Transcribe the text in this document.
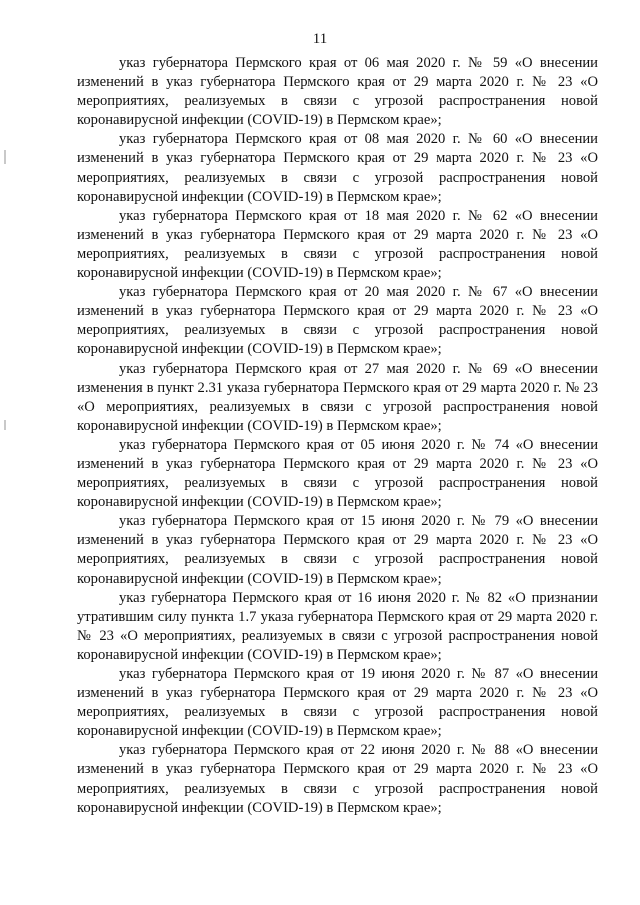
11

указ губернатора Пермского края от 06 мая 2020 г. № 59 «О внесении изменений в указ губернатора Пермского края от 29 марта 2020 г. № 23 «О мероприятиях, реализуемых в связи с угрозой распространения новой коронавирусной инфекции (COVID-19) в Пермском крае»;

указ губернатора Пермского края от 08 мая 2020 г. № 60 «О внесении изменений в указ губернатора Пермского края от 29 марта 2020 г. № 23 «О мероприятиях, реализуемых в связи с угрозой распространения новой коронавирусной инфекции (COVID-19) в Пермском крае»;

указ губернатора Пермского края от 18 мая 2020 г. № 62 «О внесении изменений в указ губернатора Пермского края от 29 марта 2020 г. № 23 «О мероприятиях, реализуемых в связи с угрозой распространения новой коронавирусной инфекции (COVID-19) в Пермском крае»;

указ губернатора Пермского края от 20 мая 2020 г. № 67 «О внесении изменений в указ губернатора Пермского края от 29 марта 2020 г. № 23 «О мероприятиях, реализуемых в связи с угрозой распространения новой коронавирусной инфекции (COVID-19) в Пермском крае»;

указ губернатора Пермского края от 27 мая 2020 г. № 69 «О внесении изменения в пункт 2.31 указа губернатора Пермского края от 29 марта 2020 г. № 23 «О мероприятиях, реализуемых в связи с угрозой распространения новой коронавирусной инфекции (COVID-19) в Пермском крае»;

указ губернатора Пермского края от 05 июня 2020 г. № 74 «О внесении изменений в указ губернатора Пермского края от 29 марта 2020 г. № 23 «О мероприятиях, реализуемых в связи с угрозой распространения новой коронавирусной инфекции (COVID-19) в Пермском крае»;

указ губернатора Пермского края от 15 июня 2020 г. № 79 «О внесении изменений в указ губернатора Пермского края от 29 марта 2020 г. № 23 «О мероприятиях, реализуемых в связи с угрозой распространения новой коронавирусной инфекции (COVID-19) в Пермском крае»;

указ губернатора Пермского края от 16 июня 2020 г. № 82 «О признании утратившим силу пункта 1.7 указа губернатора Пермского края от 29 марта 2020 г. № 23 «О мероприятиях, реализуемых в связи с угрозой распространения новой коронавирусной инфекции (COVID-19) в Пермском крае»;

указ губернатора Пермского края от 19 июня 2020 г. № 87 «О внесении изменений в указ губернатора Пермского края от 29 марта 2020 г. № 23 «О мероприятиях, реализуемых в связи с угрозой распространения новой коронавирусной инфекции (COVID-19) в Пермском крае»;

указ губернатора Пермского края от 22 июня 2020 г. № 88 «О внесении изменений в указ губернатора Пермского края от 29 марта 2020 г. № 23 «О мероприятиях, реализуемых в связи с угрозой распространения новой коронавирусной инфекции (COVID-19) в Пермском крае»;
